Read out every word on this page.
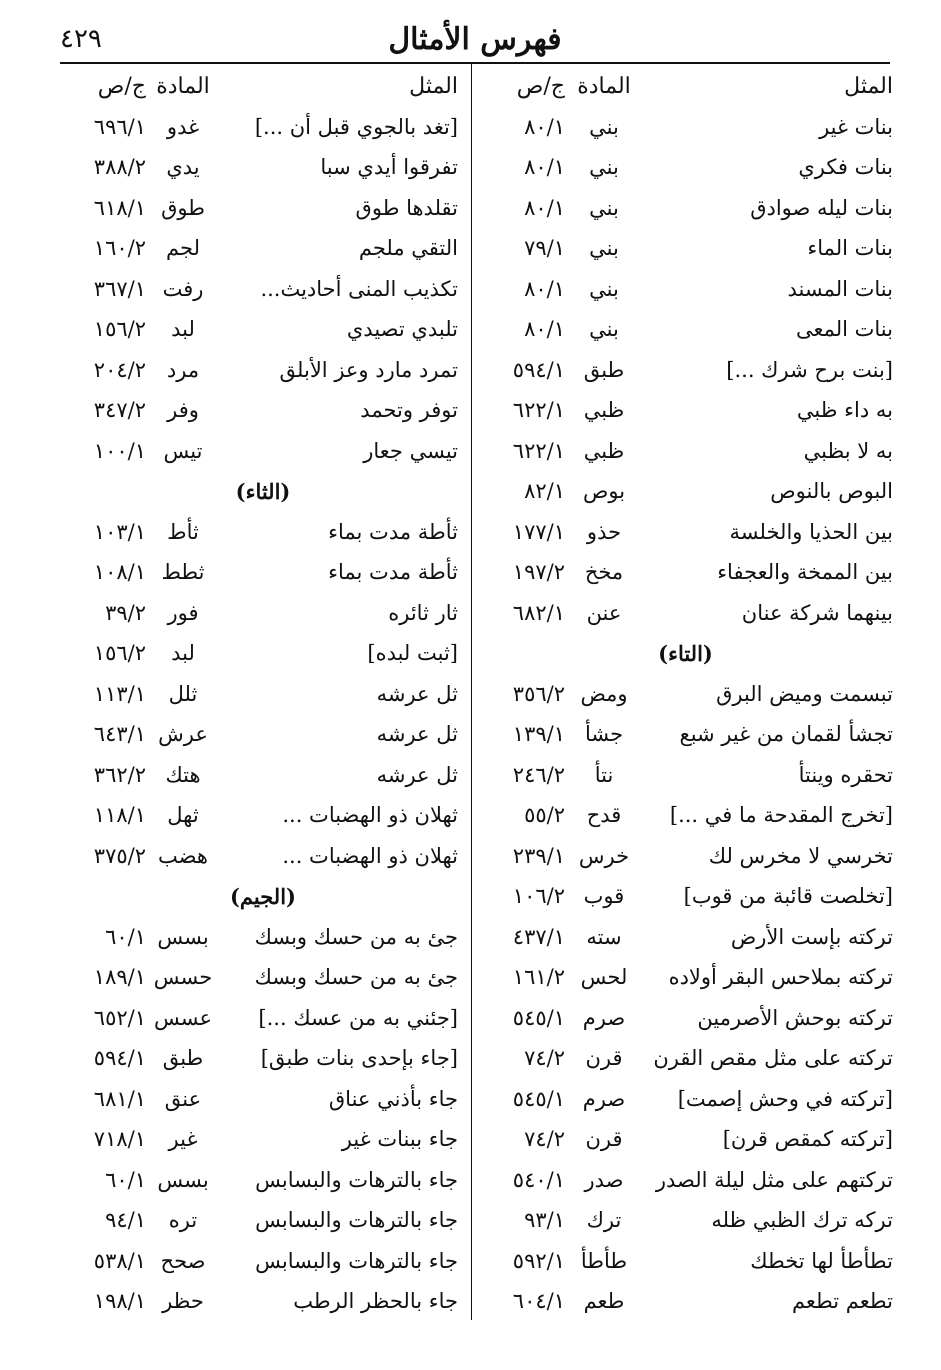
فهرس الأمثال
٤٢٩
المثل
المادة
ج/ص
بنات غير
بني
٨٠/١
بنات فكري
بني
٨٠/١
بنات ليله صوادق
بني
٨٠/١
بنات الماء
بني
٧٩/١
بنات المسند
بني
٨٠/١
بنات المعى
بني
٨٠/١
[بنت برح شرك ...]
طبق
٥٩٤/١
به داء ظبي
ظبي
٦٢٢/١
به لا بظبي
ظبي
٦٢٢/١
البوص بالنوص
بوص
٨٢/١
بين الحذيا والخلسة
حذو
١٧٧/١
بين الممخة والعجفاء
مخخ
١٩٧/٢
بينهما شركة عنان
عنن
٦٨٢/١
(التاء)
تبسمت وميض البرق
ومض
٣٥٦/٢
تجشأ لقمان من غير شبع
جشأ
١٣٩/١
تحقره وينتأ
نتأ
٢٤٦/٢
[تخرج المقدحة ما في ...]
قدح
٥٥/٢
تخرسي لا مخرس لك
خرس
٢٣٩/١
[تخلصت قائبة من قوب]
قوب
١٠٦/٢
تركته بإست الأرض
سته
٤٣٧/١
تركته بملاحس البقر أولاده
لحس
١٦١/٢
تركته بوحش الأصرمين
صرم
٥٤٥/١
تركته على مثل مقص القرن
قرن
٧٤/٢
[تركته في وحش إصمت]
صرم
٥٤٥/١
[تركته كمقص قرن]
قرن
٧٤/٢
تركتهم على مثل ليلة الصدر
صدر
٥٤٠/١
تركه ترك الظبي ظله
ترك
٩٣/١
تطأطأ لها تخطك
طأطأ
٥٩٢/١
تطعم تطعم
طعم
٦٠٤/١
المثل
المادة
ج/ص
[تغد بالجوي قبل أن ...]
غدو
٦٩٦/١
تفرقوا أيدي سبا
يدي
٣٨٨/٢
تقلدها طوق
طوق
٦١٨/١
التقي ملجم
لجم
١٦٠/٢
تكذيب المنى أحاديث...
رفت
٣٦٧/١
تلبدي تصيدي
لبد
١٥٦/٢
تمرد مارد وعز الأبلق
مرد
٢٠٤/٢
توفر وتحمد
وفر
٣٤٧/٢
تيسي جعار
تيس
١٠٠/١
(الثاء)
ثأطة مدت بماء
ثأط
١٠٣/١
ثأطة مدت بماء
ثطط
١٠٨/١
ثار ثائره
فور
٣٩/٢
[ثبت لبده]
لبد
١٥٦/٢
ثل عرشه
ثلل
١١٣/١
ثل عرشه
عرش
٦٤٣/١
ثل عرشه
هتك
٣٦٢/٢
ثهلان ذو الهضبات ...
ثهل
١١٨/١
ثهلان ذو الهضبات ...
هضب
٣٧٥/٢
(الجيم)
جئ به من حسك وبسك
بسس
٦٠/١
جئ به من حسك وبسك
حسس
١٨٩/١
[جئني به من عسك ...]
عسس
٦٥٢/١
[جاء بإحدى بنات طبق]
طبق
٥٩٤/١
جاء بأذني عناق
عنق
٦٨١/١
جاء ببنات غير
غير
٧١٨/١
جاء بالترهات والبسابس
بسس
٦٠/١
جاء بالترهات والبسابس
تره
٩٤/١
جاء بالترهات والبسابس
صحح
٥٣٨/١
جاء بالحظر الرطب
حظر
١٩٨/١
